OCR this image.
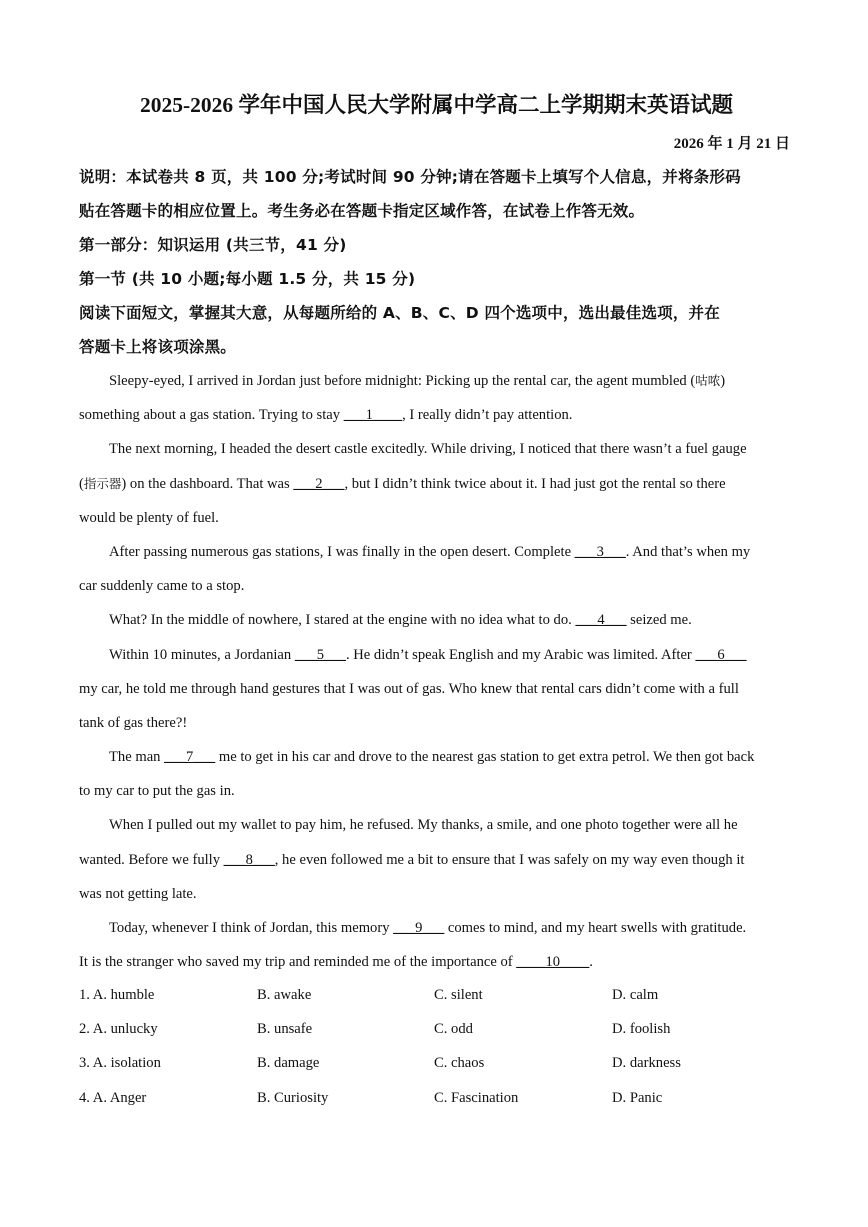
2025-2026 学年中国人民大学附属中学高二上学期期末英语试题
2026 年 1 月 21 日
说明：本试卷共 8 页，共 100 分;考试时间 90 分钟;请在答题卡上填写个人信息，并将条形码
贴在答题卡的相应位置上。考生务必在答题卡指定区域作答，在试卷上作答无效。
第一部分：知识运用 (共三节，41 分)
第一节 (共 10 小题;每小题 1.5 分，共 15 分)
阅读下面短文，掌握其大意，从每题所给的 A、B、C、D 四个选项中，选出最佳选项，并在
答题卡上将该项涂黑。

Sleepy-eyed, I arrived in Jordan just before midnight: Picking up the rental car, the agent mumbled (咕哝)

something about a gas station. Trying to stay ___1____, I really didn’t pay attention.

The next morning, I headed the desert castle excitedly. While driving, I noticed that there wasn’t a fuel gauge

(指示器) on the dashboard. That was ___2___, but I didn’t think twice about it. I had just got the rental so there
would be plenty of fuel.

After passing numerous gas stations, I was finally in the open desert. Complete ___3___. And that’s when my

car suddenly came to a stop.

What? In the middle of nowhere, I stared at the engine with no idea what to do. ___4___ seized me.

Within 10 minutes, a Jordanian ___5___. He didn’t speak English and my Arabic was limited. After ___6___

my car, he told me through hand gestures that I was out of gas. Who knew that rental cars didn’t come with a full
tank of gas there?!

The man ___7___ me to get in his car and drove to the nearest gas station to get extra petrol. We then got back

to my car to put the gas in.

When I pulled out my wallet to pay him, he refused. My thanks, a smile, and one photo together were all he

wanted. Before we fully ___8___, he even followed me a bit to ensure that I was safely on my way even though it
was not getting late.

Today, whenever I think of Jordan, this memory ___9___ comes to mind, and my heart swells with gratitude.

It is the stranger who saved my trip and reminded me of the importance of ____10____.
1. A. humble	B. awake	C. silent	D. calm
2. A. unlucky	B. unsafe	C. odd	D. foolish
3. A. isolation	B. damage	C. chaos	D. darkness
4. A. Anger	B. Curiosity	C. Fascination	D. Panic
